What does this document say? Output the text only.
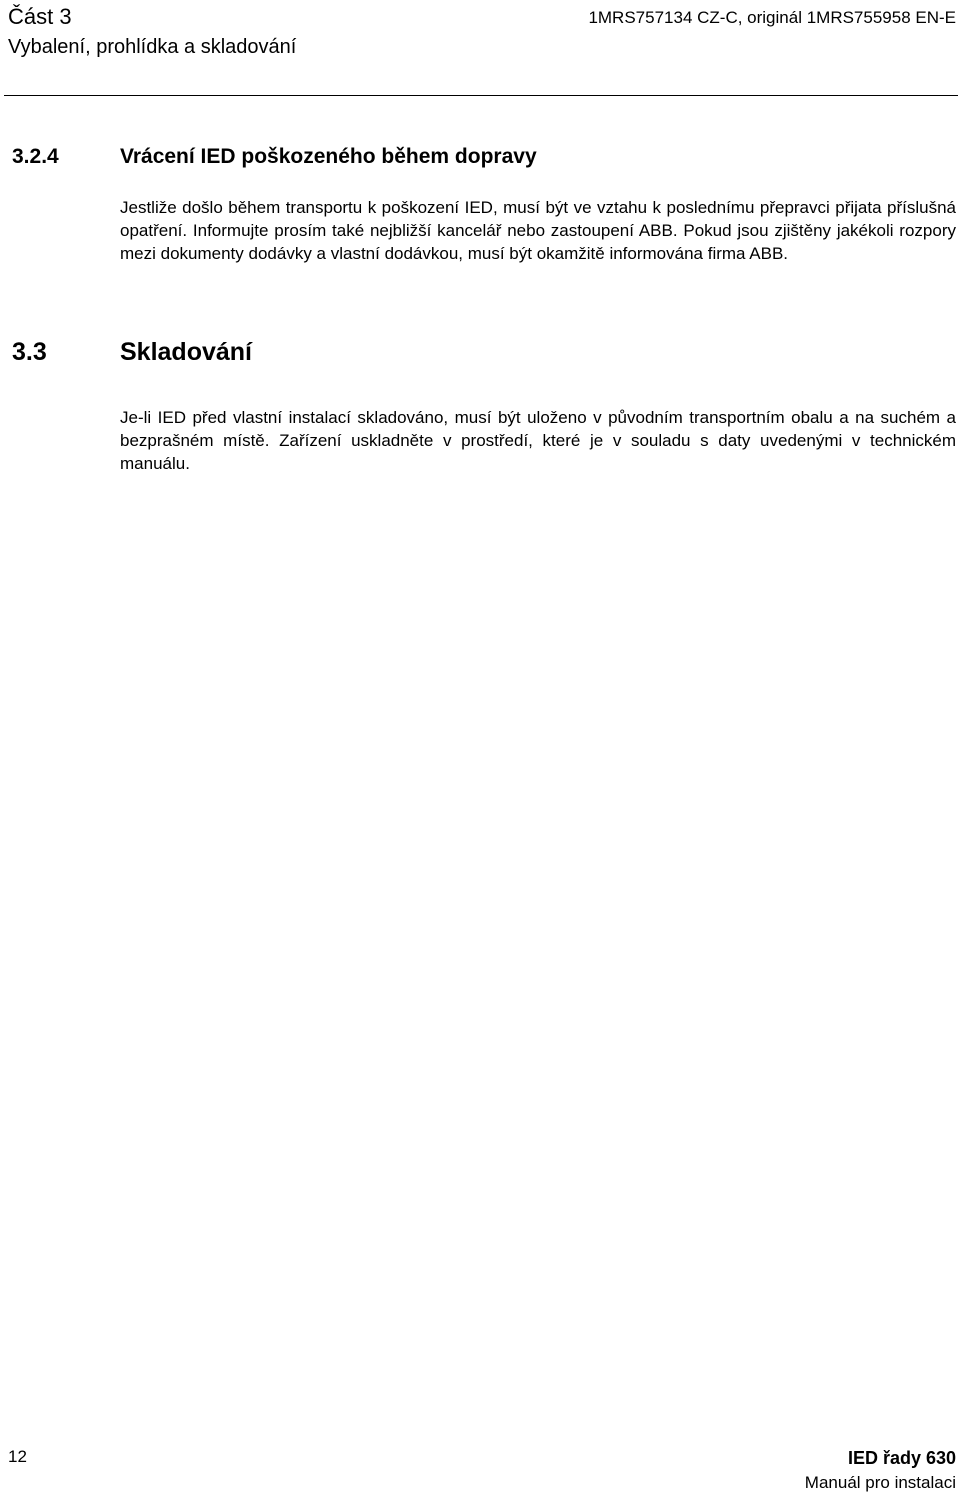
Část 3
Vybalení, prohlídka a skladování
1MRS757134 CZ-C, originál 1MRS755958 EN-E
3.2.4	Vrácení IED poškozeného během dopravy

Jestliže došlo během transportu k poškození IED, musí být ve vztahu k poslednímu přepravci přijata příslušná opatření. Informujte prosím také nejbližší kancelář nebo zastoupení ABB. Pokud jsou zjištěny jakékoli rozpory mezi dokumenty dodávky a vlastní dodávkou, musí být okamžitě informována firma ABB.

3.3	Skladování

Je-li IED před vlastní instalací skladováno, musí být uloženo v původním transportním obalu a na suchém a bezprašném místě. Zařízení uskladněte v prostředí, které je v souladu s daty uvedenými v technickém manuálu.

12	IED řady 630
Manuál pro instalaci
